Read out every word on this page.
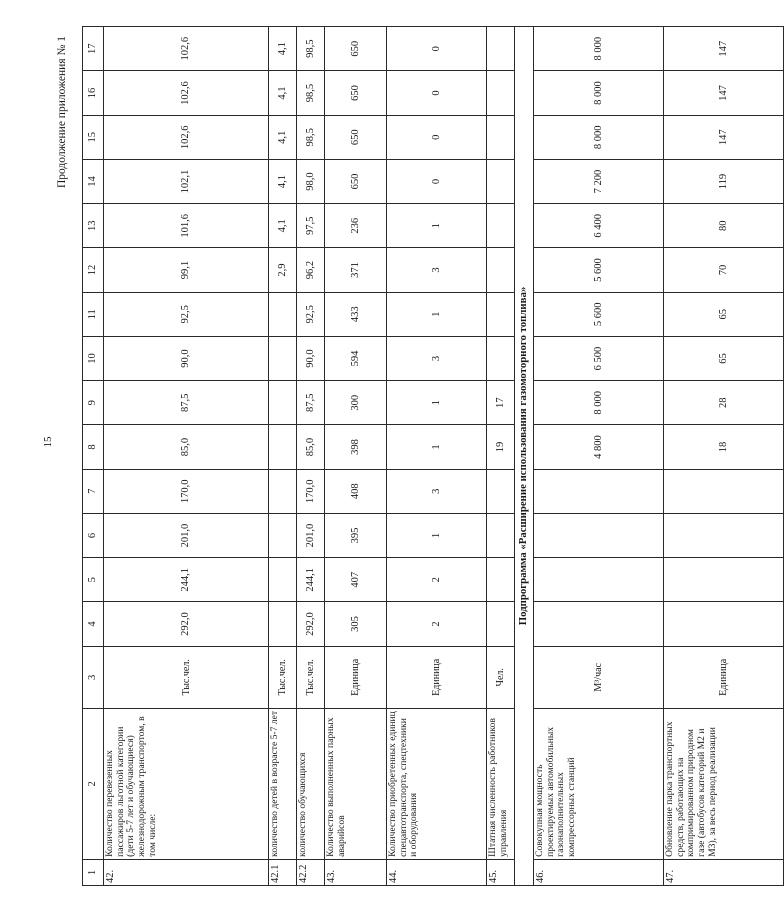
15
Продолжение приложения № 1
1	2	3	4	5	6	7	8	9	10	11	12	13	14	15	16	17
42.	Количество перевезенных пассажиров льготной категории (дети 5-7 лет и обучающиеся) железнодорожным транспортом, в том числе:	Тыс.чел.	292,0	244,1	201,0	170,0	85,0	87,5	90,0	92,5	99,1	101,6	102,1	102,6	102,6	102,6
42.1	количество детей в возрасте 5-7 лет	Тыс.чел.									2,9	4,1	4,1	4,1	4,1	4,1
42.2	количество обучающихся	Тыс.чел.	292,0	244,1	201,0	170,0	85,0	87,5	90,0	92,5	96,2	97,5	98,0	98,5	98,5	98,5
43.	Количество выполненных парных аварийсов	Единица	305	407	395	408	398	300	594	433	371	236	650	650	650	650
44.	Количество приобретенных единиц спецавтотранспорта, спецтехники и оборудования	Единица	2	2	1	3	1	1	3	1	3	1	0	0	0	0
45.	Штатная численность работников управления	Чел.					19	17								
Подпрограмма «Расширение использования газомоторного топлива»																
46.	Совокупная мощность проектируемых автомобильных газонаполнительных компрессорных станций	М³/час					4 800	8 000	6 500	5 600	5 600	6 400	7 200	8 000	8 000	8 000
47.	Обновление парка транспортных средств, работающих на компримированном природном газе (автобусов категорий М2 и М3), за весь период реализации	Единица					18	28	65	65	70	80	119	147	147	147
